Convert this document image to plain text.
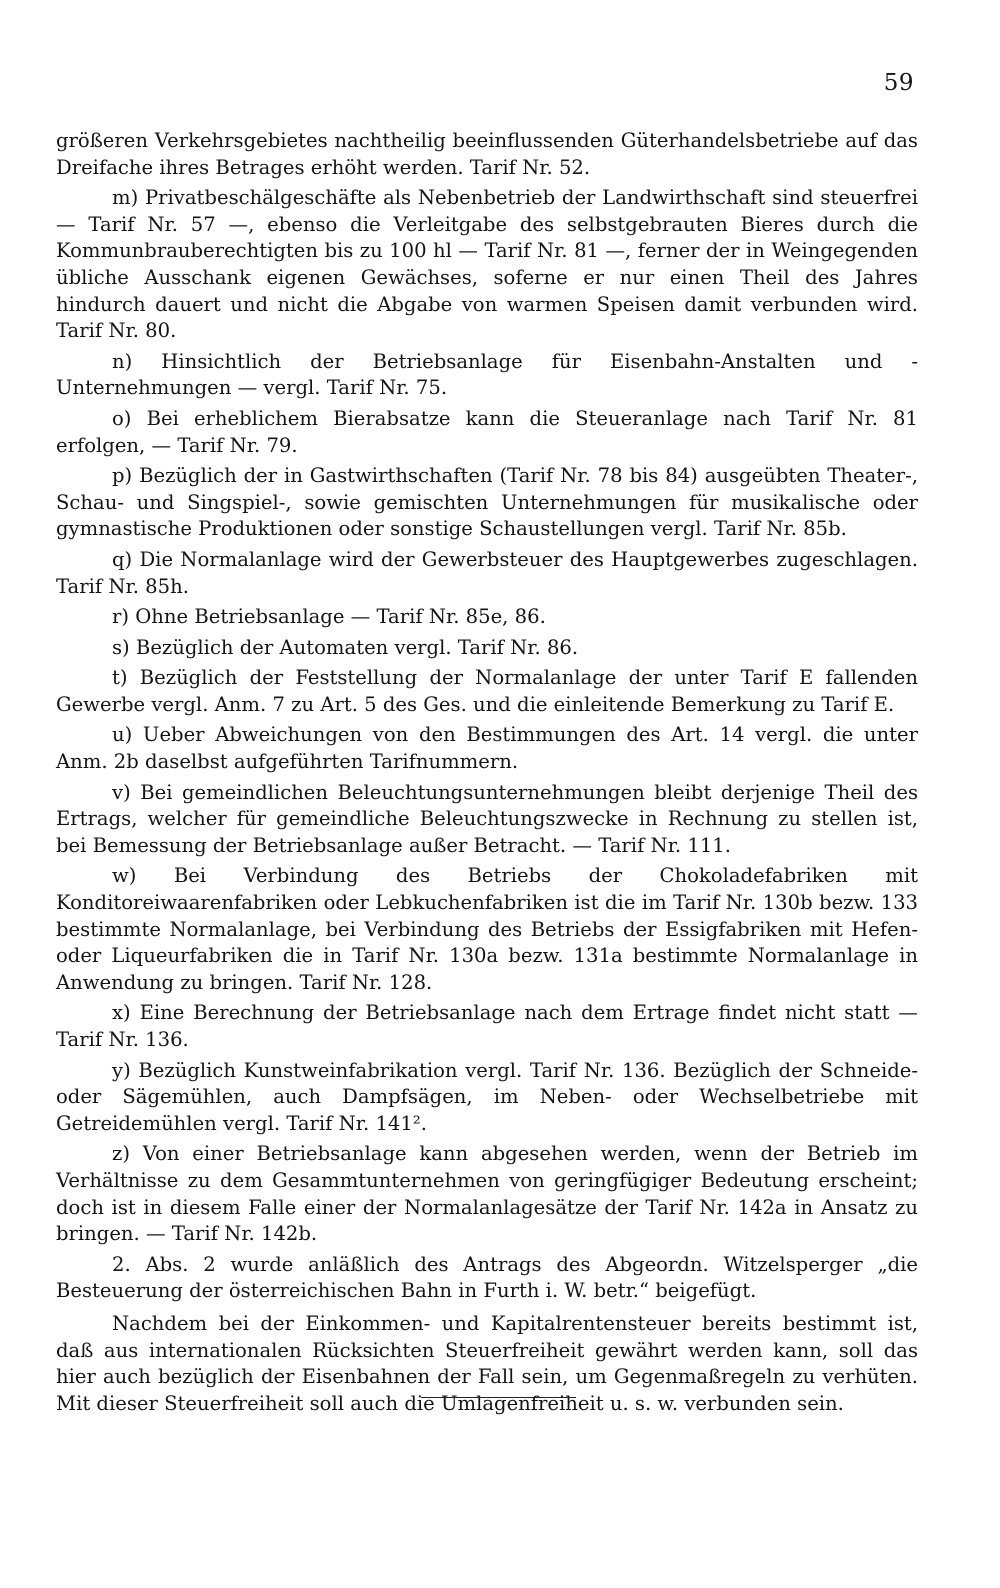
59

größeren Verkehrsgebietes nachtheilig beeinflussenden Güterhandelsbetriebe auf das Dreifache ihres Betrages erhöht werden. Tarif Nr. 52.

m) Privatbeschälgeschäfte als Nebenbetrieb der Landwirthschaft sind steuerfrei — Tarif Nr. 57 —, ebenso die Verleitgabe des selbstgebrauten Bieres durch die Kommunbrauberechtigten bis zu 100 hl — Tarif Nr. 81 —, ferner der in Weingegenden übliche Ausschank eigenen Gewächses, soferne er nur einen Theil des Jahres hindurch dauert und nicht die Abgabe von warmen Speisen damit verbunden wird. Tarif Nr. 80.

n) Hinsichtlich der Betriebsanlage für Eisenbahn-Anstalten und -Unternehmungen — vergl. Tarif Nr. 75.

o) Bei erheblichem Bierabsatze kann die Steueranlage nach Tarif Nr. 81 erfolgen, — Tarif Nr. 79.

p) Bezüglich der in Gastwirthschaften (Tarif Nr. 78 bis 84) ausgeübten Theater-, Schau- und Singspiel-, sowie gemischten Unternehmungen für musikalische oder gymnastische Produktionen oder sonstige Schaustellungen vergl. Tarif Nr. 85b.

q) Die Normalanlage wird der Gewerbsteuer des Hauptgewerbes zugeschlagen. Tarif Nr. 85h.

r) Ohne Betriebsanlage — Tarif Nr. 85e, 86.

s) Bezüglich der Automaten vergl. Tarif Nr. 86.

t) Bezüglich der Feststellung der Normalanlage der unter Tarif E fallenden Gewerbe vergl. Anm. 7 zu Art. 5 des Ges. und die einleitende Bemerkung zu Tarif E.

u) Ueber Abweichungen von den Bestimmungen des Art. 14 vergl. die unter Anm. 2b daselbst aufgeführten Tarifnummern.

v) Bei gemeindlichen Beleuchtungsunternehmungen bleibt derjenige Theil des Ertrags, welcher für gemeindliche Beleuchtungszwecke in Rechnung zu stellen ist, bei Bemessung der Betriebsanlage außer Betracht. — Tarif Nr. 111.

w) Bei Verbindung des Betriebs der Chokoladefabriken mit Konditoreiwaarenfabriken oder Lebkuchenfabriken ist die im Tarif Nr. 130b bezw. 133 bestimmte Normalanlage, bei Verbindung des Betriebs der Essigfabriken mit Hefen- oder Liqueurfabriken die in Tarif Nr. 130a bezw. 131a bestimmte Normalanlage in Anwendung zu bringen. Tarif Nr. 128.

x) Eine Berechnung der Betriebsanlage nach dem Ertrage findet nicht statt — Tarif Nr. 136.

y) Bezüglich Kunstweinfabrikation vergl. Tarif Nr. 136. Bezüglich der Schneide- oder Sägemühlen, auch Dampfsägen, im Neben- oder Wechselbetriebe mit Getreidemühlen vergl. Tarif Nr. 141².

z) Von einer Betriebsanlage kann abgesehen werden, wenn der Betrieb im Verhältnisse zu dem Gesammtunternehmen von geringfügiger Bedeutung erscheint; doch ist in diesem Falle einer der Normalanlagesätze der Tarif Nr. 142a in Ansatz zu bringen. — Tarif Nr. 142b.

2. Abs. 2 wurde anläßlich des Antrags des Abgeordn. Witzelsperger „die Besteuerung der österreichischen Bahn in Furth i. W. betr.“ beigefügt.

Nachdem bei der Einkommen- und Kapitalrentensteuer bereits bestimmt ist, daß aus internationalen Rücksichten Steuerfreiheit gewährt werden kann, soll das hier auch bezüglich der Eisenbahnen der Fall sein, um Gegenmaßregeln zu verhüten. Mit dieser Steuerfreiheit soll auch die Umlagenfreiheit u. s. w. verbunden sein.
